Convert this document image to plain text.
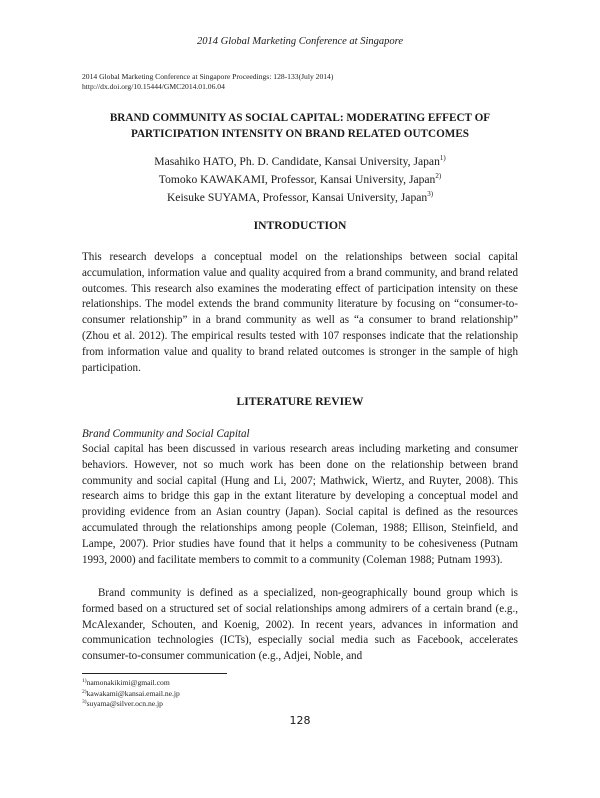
2014 Global Marketing Conference at Singapore
2014 Global Marketing Conference at Singapore Proceedings: 128-133(July 2014)
http://dx.doi.org/10.15444/GMC2014.01.06.04
BRAND COMMUNITY AS SOCIAL CAPITAL: MODERATING EFFECT OF
PARTICIPATION INTENSITY ON BRAND RELATED OUTCOMES
Masahiko HATO, Ph. D. Candidate, Kansai University, Japan$^{1)}$
Tomoko KAWAKAMI, Professor, Kansai University, Japan$^{2)}$
Keisuke SUYAMA, Professor, Kansai University, Japan$^{3)}$
INTRODUCTION

This research develops a conceptual model on the relationships between social capital accumulation, information value and quality acquired from a brand community, and brand related outcomes. This research also examines the moderating effect of participation intensity on these relationships. The model extends the brand community literature by focusing on “consumer-to-consumer relationship” in a brand community as well as “a consumer to brand relationship” (Zhou et al. 2012). The empirical results tested with 107 responses indicate that the relationship from information value and quality to brand related outcomes is stronger in the sample of high participation.

LITERATURE REVIEW
Brand Community and Social Capital

Social capital has been discussed in various research areas including marketing and consumer behaviors. However, not so much work has been done on the relationship between brand community and social capital (Hung and Li, 2007; Mathwick, Wiertz, and Ruyter, 2008). This research aims to bridge this gap in the extant literature by developing a conceptual model and providing evidence from an Asian country (Japan). Social capital is defined as the resources accumulated through the relationships among people (Coleman, 1988; Ellison, Steinfield, and Lampe, 2007). Prior studies have found that it helps a community to be cohesiveness (Putnam 1993, 2000) and facilitate members to commit to a community (Coleman 1988; Putnam 1993).

Brand community is defined as a specialized, non-geographically bound group which is formed based on a structured set of social relationships among admirers of a certain brand (e.g., McAlexander, Schouten, and Koenig, 2002). In recent years, advances in information and communication technologies (ICTs), especially social media such as Facebook, accelerates consumer-to-consumer communication (e.g., Adjei, Noble, and

$^{1)}$namonakikimi@gmail.com
$^{2)}$kawakami@kansai.email.ne.jp
$^{3)}$suyama@silver.ocn.ne.jp
128
